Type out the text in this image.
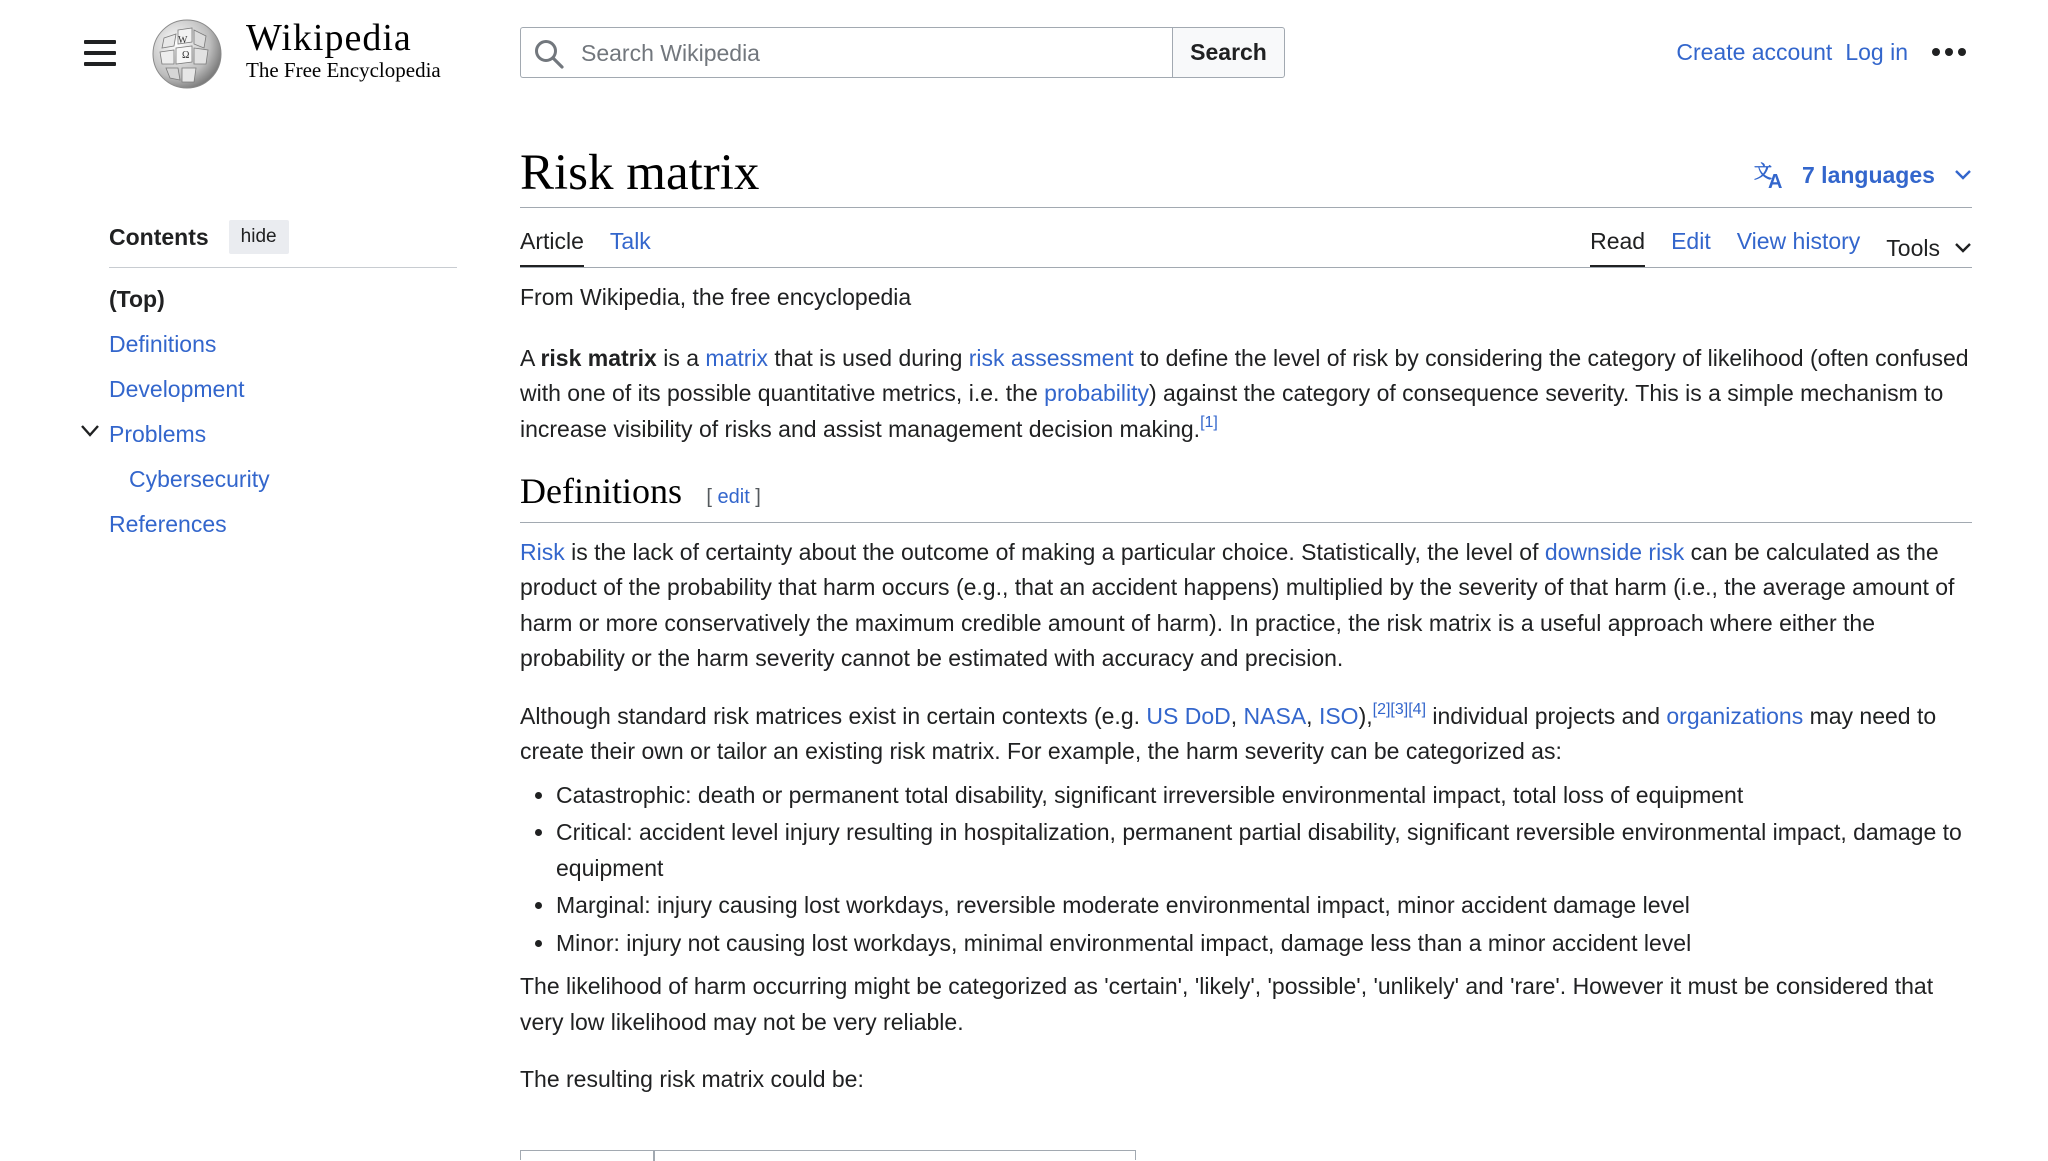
W
Ω Wikipedia
The Free Encyclopedia
Search Wikipedia
Search	Create account Log in
Contents	hide
(Top)
Definitions
Development
Problems
Cybersecurity
References
Risk matrix	文
A 7 languages
Article Talk	Read Edit View history Tools

From Wikipedia, the free encyclopedia

A risk matrix is a matrix that is used during risk assessment to define the level of risk by considering the category of likelihood (often confused with one of its possible quantitative metrics, i.e. the probability) against the category of consequence severity. This is a simple mechanism to increase visibility of risks and assist management decision making.[1]

Definitions [ edit ]

Risk is the lack of certainty about the outcome of making a particular choice. Statistically, the level of downside risk can be calculated as the product of the probability that harm occurs (e.g., that an accident happens) multiplied by the severity of that harm (i.e., the average amount of harm or more conservatively the maximum credible amount of harm). In practice, the risk matrix is a useful approach where either the probability or the harm severity cannot be estimated with accuracy and precision.

Although standard risk matrices exist in certain contexts (e.g. US DoD, NASA, ISO),[2][3][4] individual projects and organizations may need to create their own or tailor an existing risk matrix. For example, the harm severity can be categorized as:

• Catastrophic: death or permanent total disability, significant irreversible environmental impact, total loss of equipment
• Critical: accident level injury resulting in hospitalization, permanent partial disability, significant reversible environmental impact, damage to equipment
• Marginal: injury causing lost workdays, reversible moderate environmental impact, minor accident damage level
• Minor: injury not causing lost workdays, minimal environmental impact, damage less than a minor accident level

The likelihood of harm occurring might be categorized as 'certain', 'likely', 'possible', 'unlikely' and 'rare'. However it must be considered that very low likelihood may not be very reliable.

The resulting risk matrix could be:
